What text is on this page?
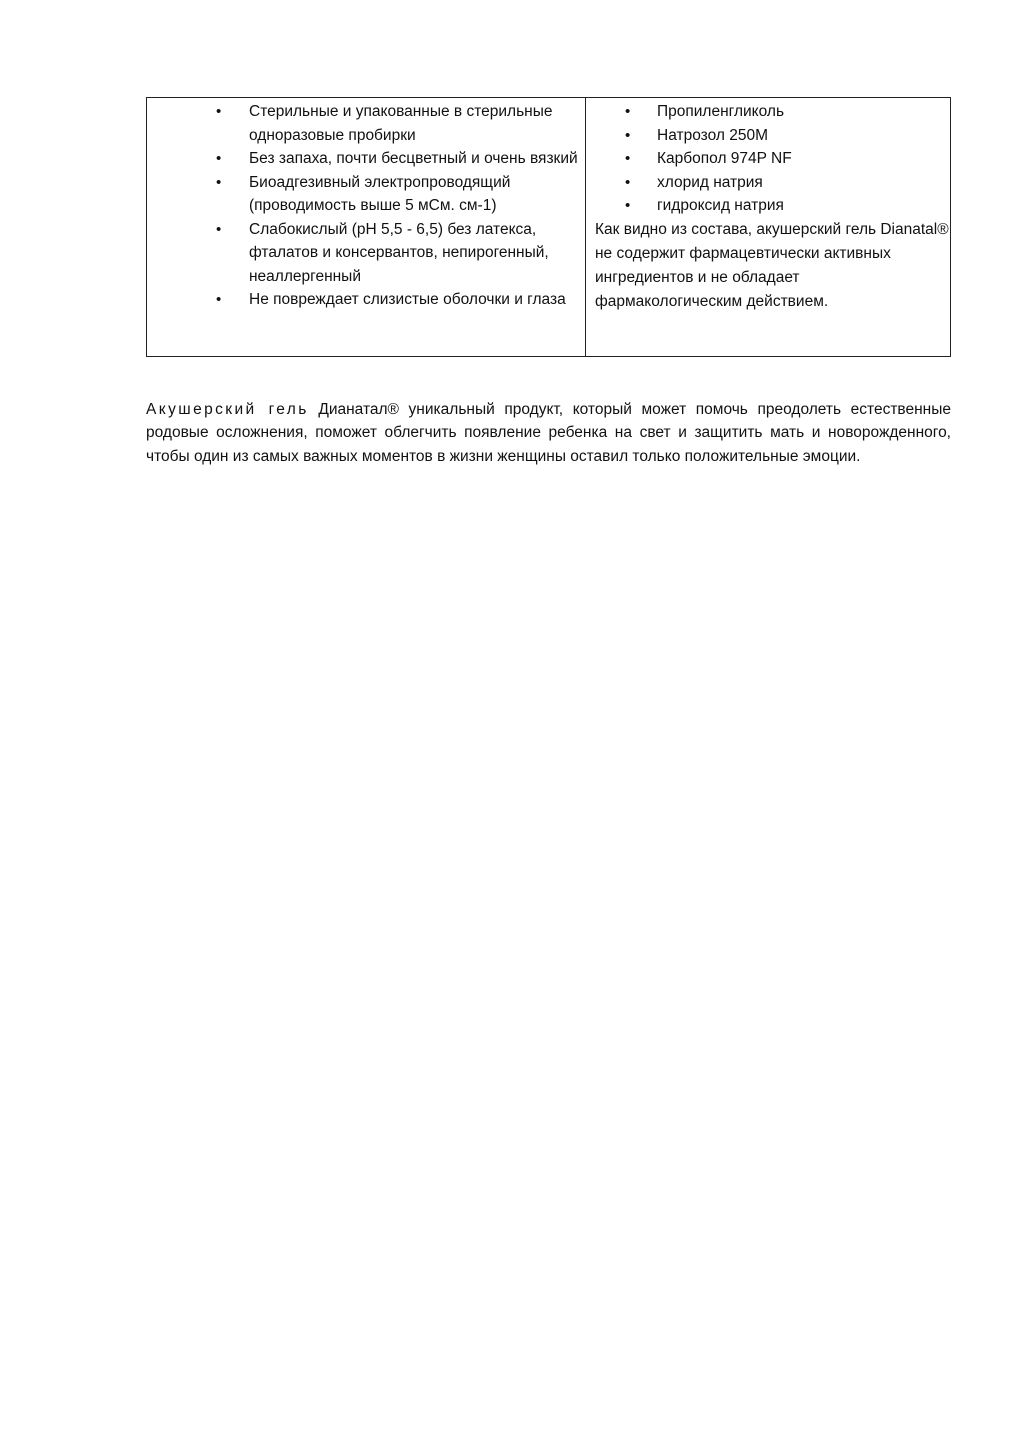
• Стерильные и упакованные в стерильные одноразовые пробирки
• Без запаха, почти бесцветный и очень вязкий
• Биоадгезивный электропроводящий (проводимость выше 5 мСм. см-1)
• Слабокислый (pH 5,5 - 6,5) без латекса, фталатов и консервантов, непирогенный, неаллергенный
• Не повреждает слизистые оболочки и глаза
• Пропиленгликоль
• Натрозол 250M
• Карбопол 974P NF
• хлорид натрия
• гидроксид натрия
Как видно из состава, акушерский гель Dianatal® не содержит фармацевтически активных ингредиентов и не обладает фармакологическим действием.

Акушерский гель Дианатал® уникальный продукт, который может помочь преодолеть естественные родовые осложнения, поможет облегчить появление ребенка на свет и защитить мать и новорожденного, чтобы один из самых важных моментов в жизни женщины оставил только положительные эмоции.
